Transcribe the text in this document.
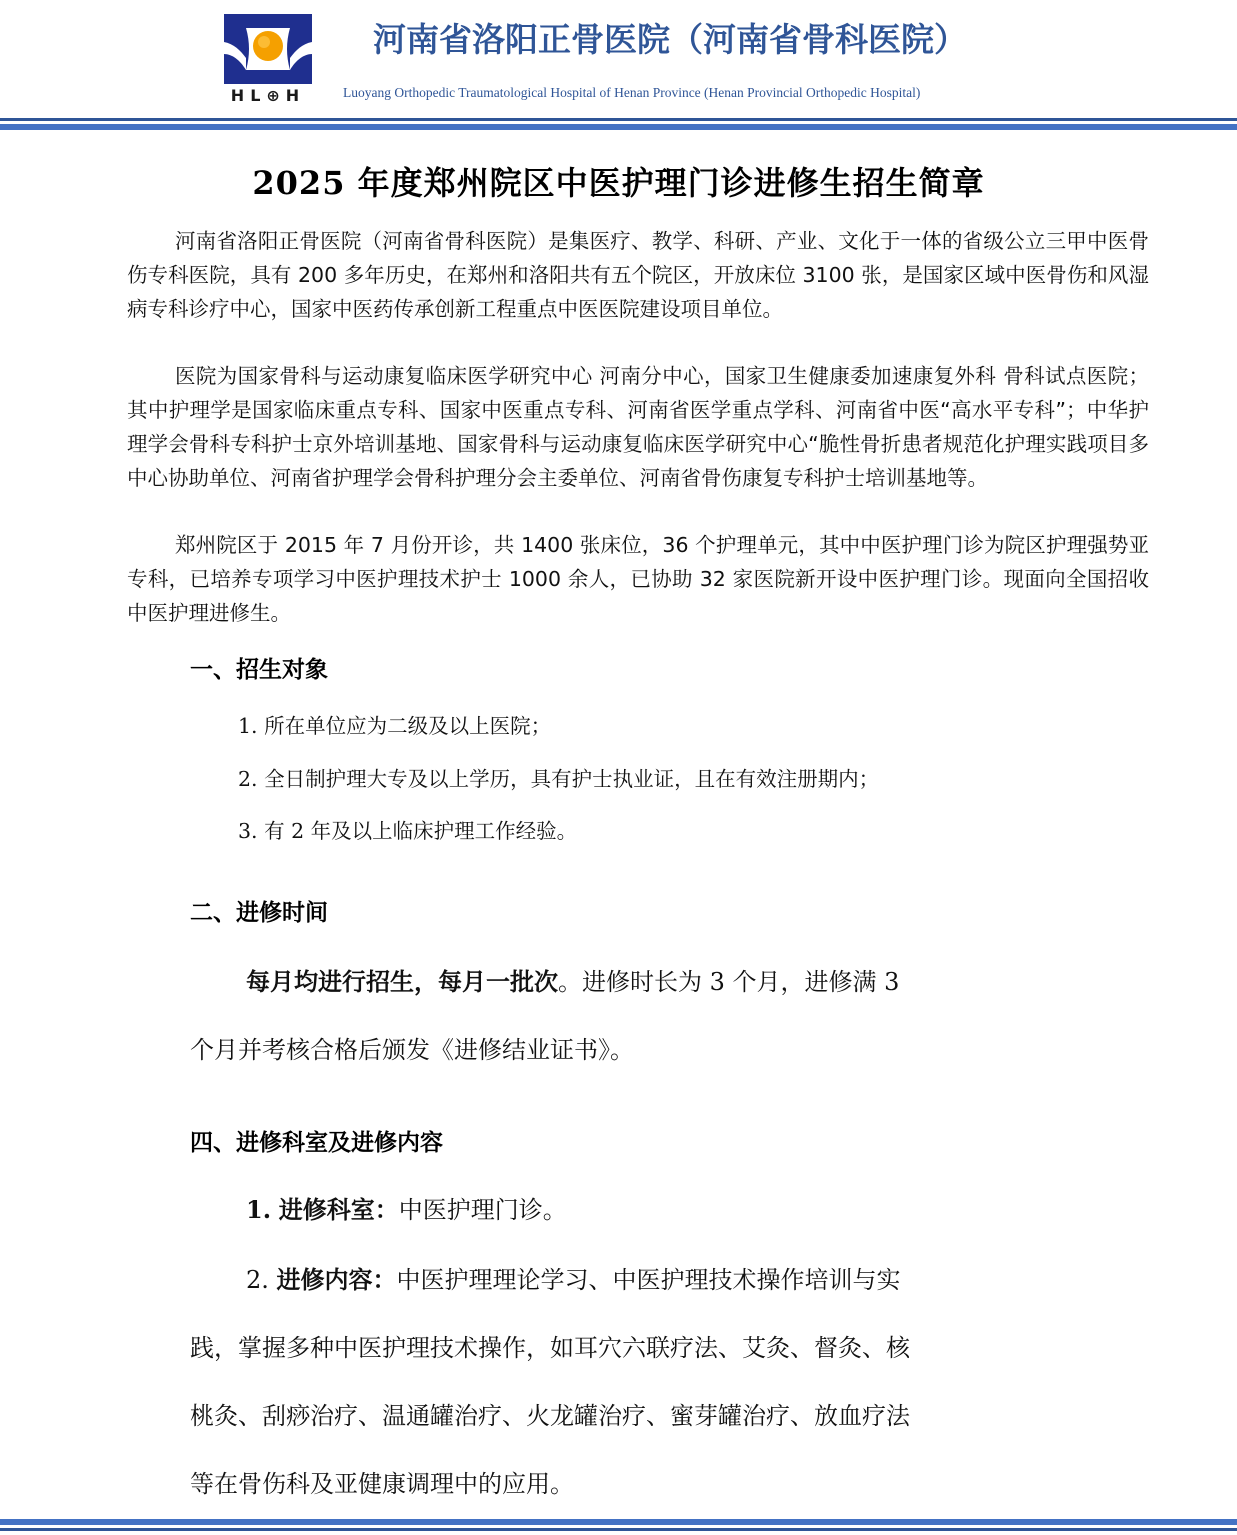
HL⊕H
河南省洛阳正骨医院（河南省骨科医院）
Luoyang Orthopedic Traumatological Hospital of Henan Province (Henan Provincial Orthopedic Hospital)
2025 年度郑州院区中医护理门诊进修生招生简章

河南省洛阳正骨医院（河南省骨科医院）是集医疗、教学、科研、产业、文化于一体的省级公立三甲中医骨伤专科医院，具有 200 多年历史，在郑州和洛阳共有五个院区，开放床位 3100 张，是国家区域中医骨伤和风湿病专科诊疗中心，国家中医药传承创新工程重点中医医院建设项目单位。

医院为国家骨科与运动康复临床医学研究中心 河南分中心，国家卫生健康委加速康复外科 骨科试点医院；其中护理学是国家临床重点专科、国家中医重点专科、河南省医学重点学科、河南省中医“高水平专科”；中华护理学会骨科专科护士京外培训基地、国家骨科与运动康复临床医学研究中心“脆性骨折患者规范化护理实践项目多中心协助单位、河南省护理学会骨科护理分会主委单位、河南省骨伤康复专科护士培训基地等。

郑州院区于 2015 年 7 月份开诊，共 1400 张床位，36 个护理单元，其中中医护理门诊为院区护理强势亚专科，已培养专项学习中医护理技术护士 1000 余人，已协助 32 家医院新开设中医护理门诊。现面向全国招收中医护理进修生。

一、招生对象
1. 所在单位应为二级及以上医院；
2. 全日制护理大专及以上学历，具有护士执业证，且在有效注册期内；
3. 有 2 年及以上临床护理工作经验。
二、进修时间
每月均进行招生，每月一批次。进修时长为 3 个月，进修满 3
个月并考核合格后颁发《进修结业证书》。
四、进修科室及进修内容
1. 进修科室：中医护理门诊。
2. 进修内容：中医护理理论学习、中医护理技术操作培训与实
践，掌握多种中医护理技术操作，如耳穴六联疗法、艾灸、督灸、核
桃灸、刮痧治疗、温通罐治疗、火龙罐治疗、蜜芽罐治疗、放血疗法
等在骨伤科及亚健康调理中的应用。
